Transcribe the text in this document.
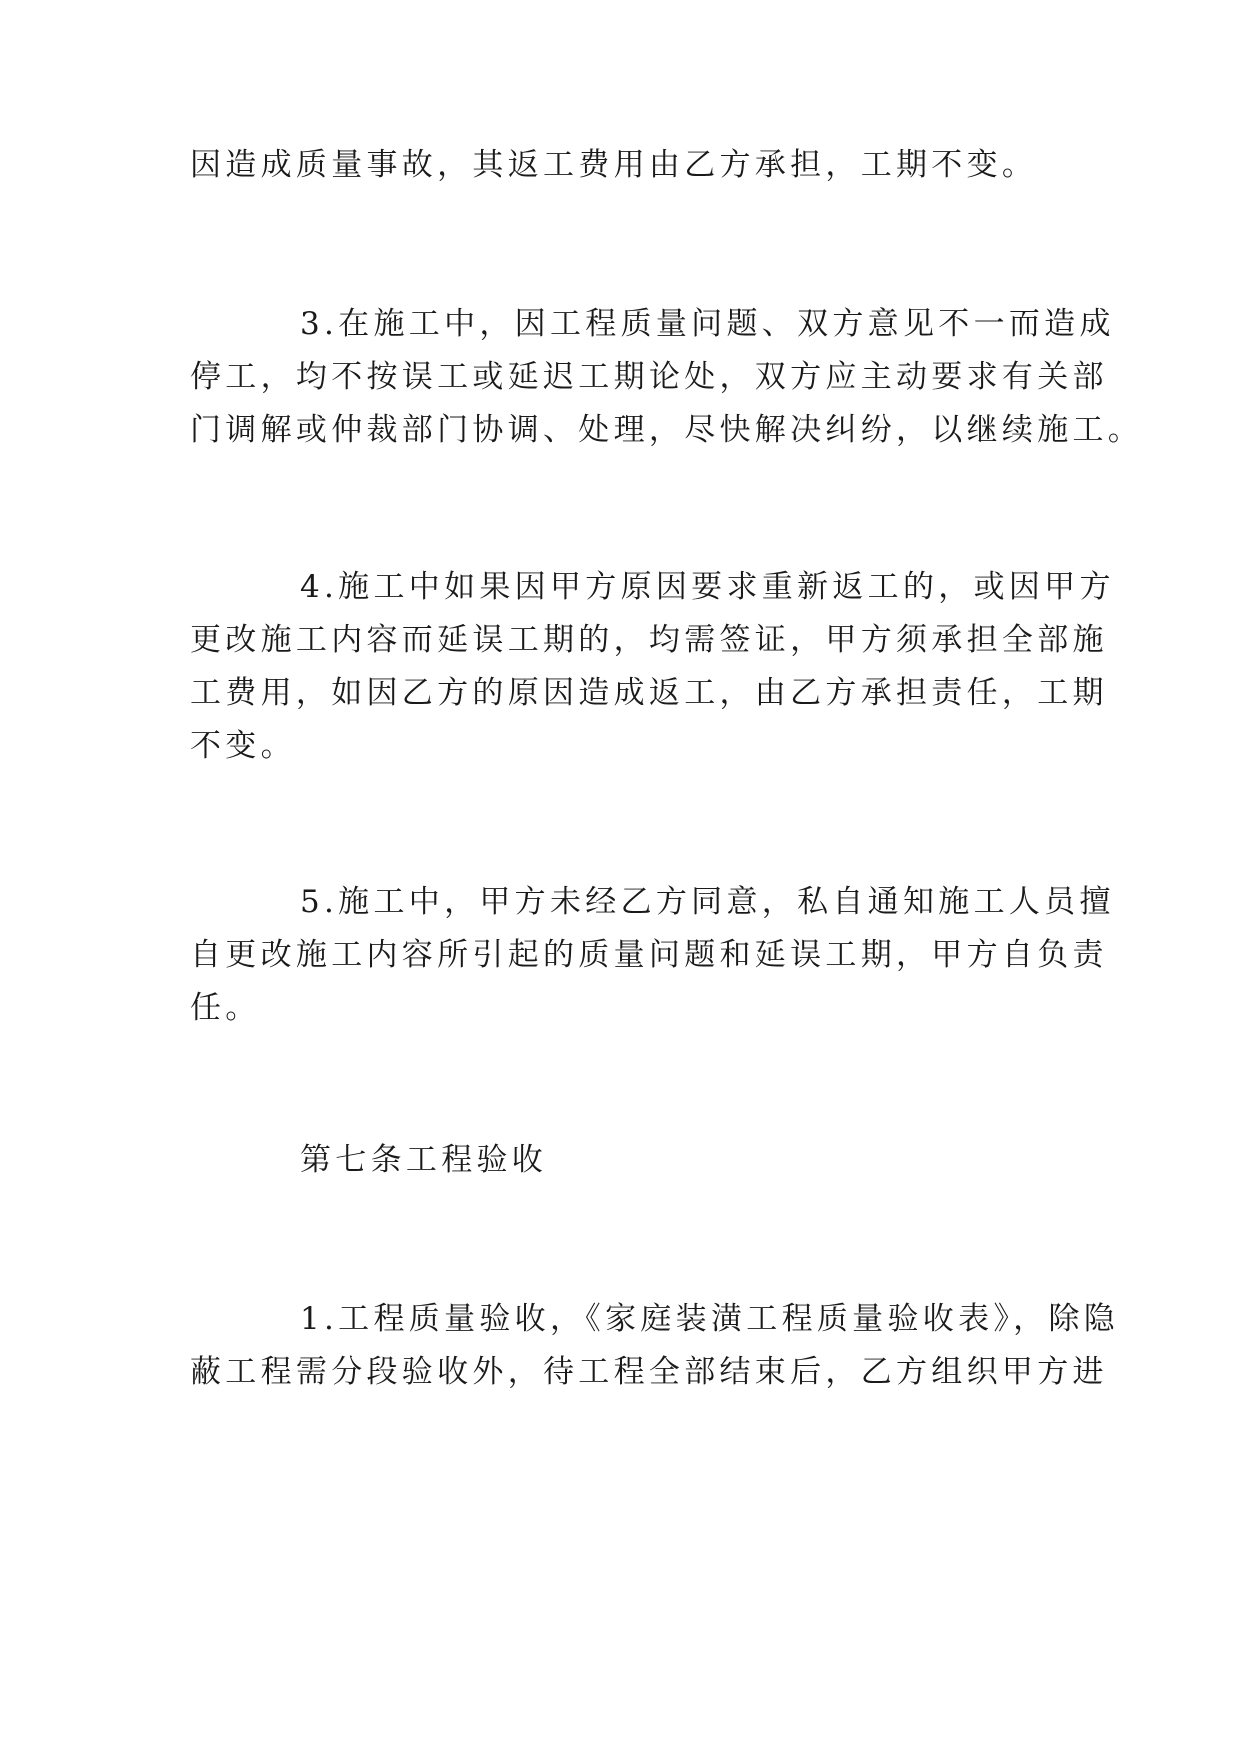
因造成质量事故，其返工费用由乙方承担，工期不变。

3.在施工中，因工程质量问题、双方意见不一而造成

停工，均不按误工或延迟工期论处，双方应主动要求有关部

门调解或仲裁部门协调、处理，尽快解决纠纷，以继续施工。

4.施工中如果因甲方原因要求重新返工的，或因甲方

更改施工内容而延误工期的，均需签证，甲方须承担全部施

工费用，如因乙方的原因造成返工，由乙方承担责任，工期

不变。

5.施工中，甲方未经乙方同意，私自通知施工人员擅

自更改施工内容所引起的质量问题和延误工期，甲方自负责

任。

第七条工程验收

1.工程质量验收，《家庭装潢工程质量验收表》，除隐

蔽工程需分段验收外，待工程全部结束后，乙方组织甲方进
